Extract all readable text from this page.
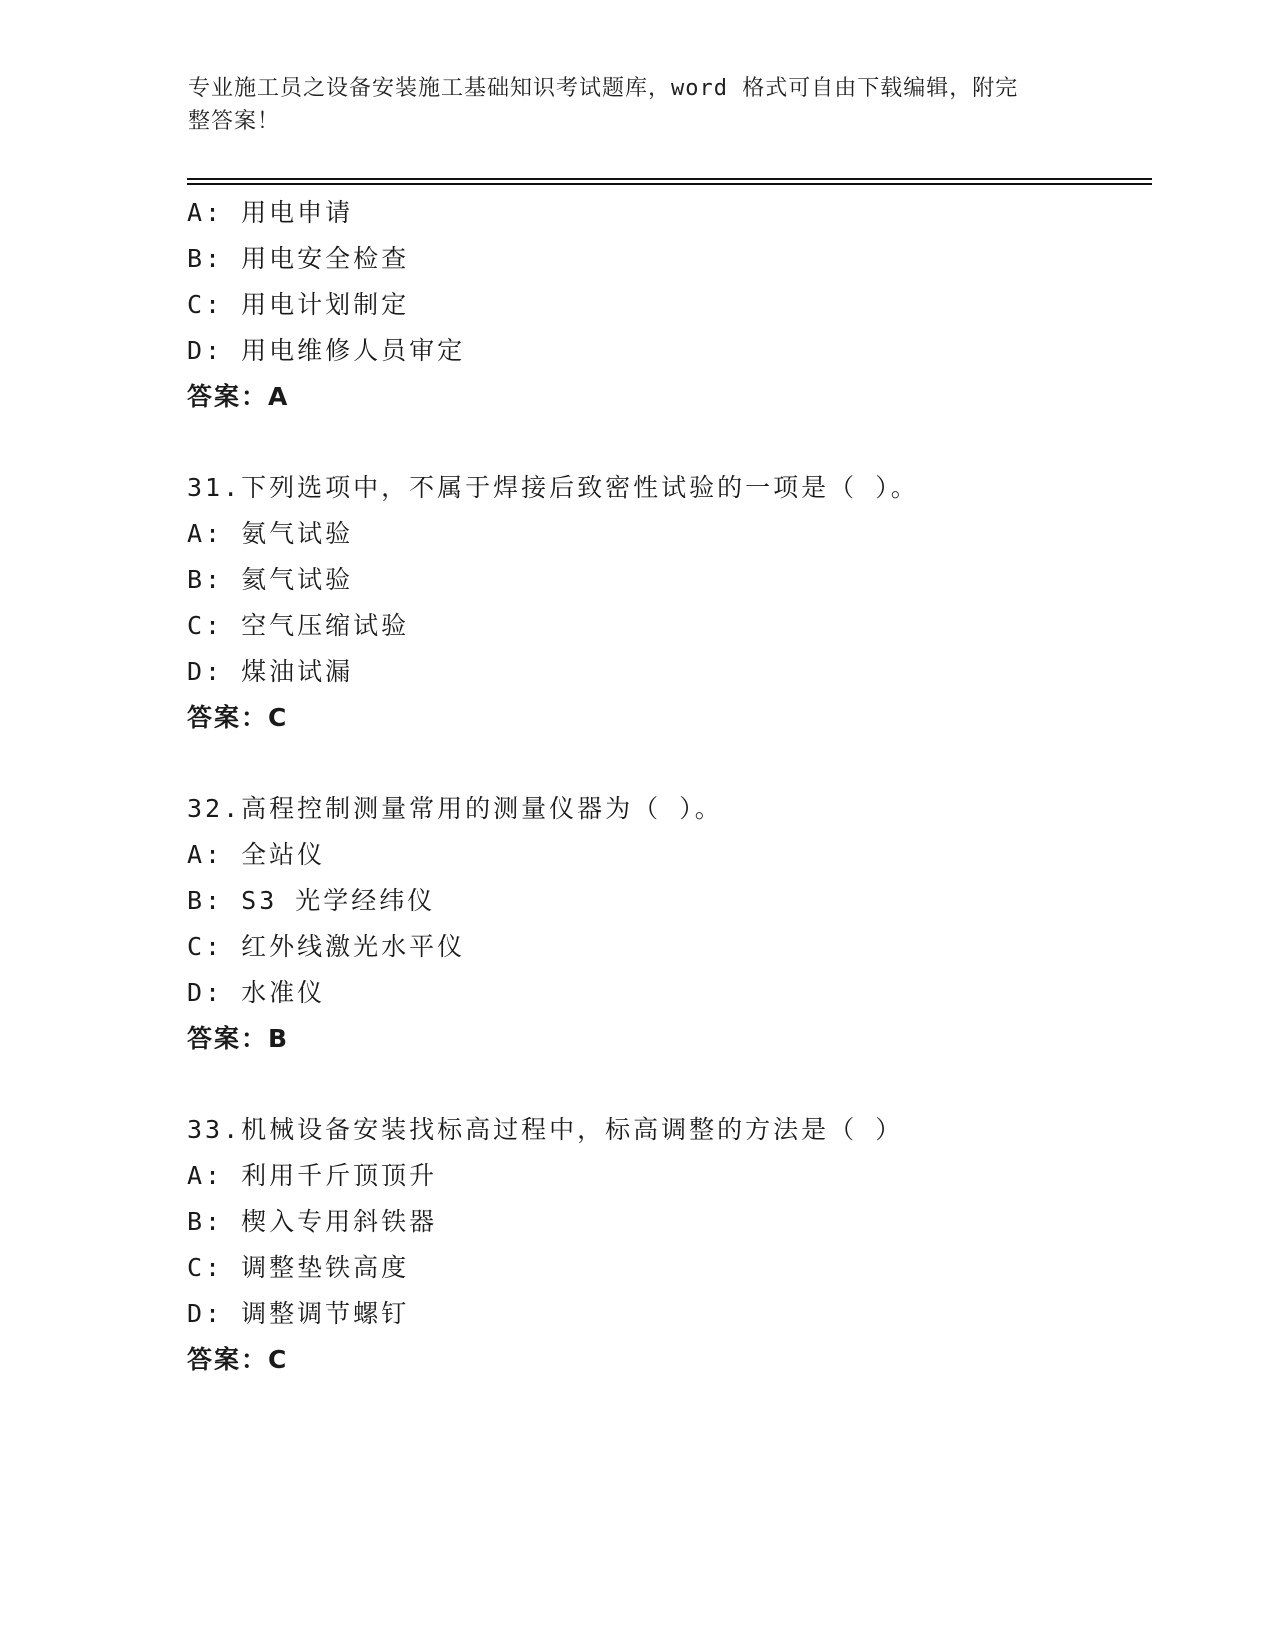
专业施工员之设备安装施工基础知识考试题库，word 格式可自由下载编辑，附完
整答案！
A: 用电申请
B: 用电安全检查
C: 用电计划制定
D: 用电维修人员审定
答案：A
31.下列选项中，不属于焊接后致密性试验的一项是（ ）。
A: 氨气试验
B: 氦气试验
C: 空气压缩试验
D: 煤油试漏
答案：C
32.高程控制测量常用的测量仪器为（ ）。
A: 全站仪
B: S3 光学经纬仪
C: 红外线激光水平仪
D: 水准仪
答案：B
33.机械设备安装找标高过程中，标高调整的方法是（ ）
A: 利用千斤顶顶升
B: 楔入专用斜铁器
C: 调整垫铁高度
D: 调整调节螺钉
答案：C
